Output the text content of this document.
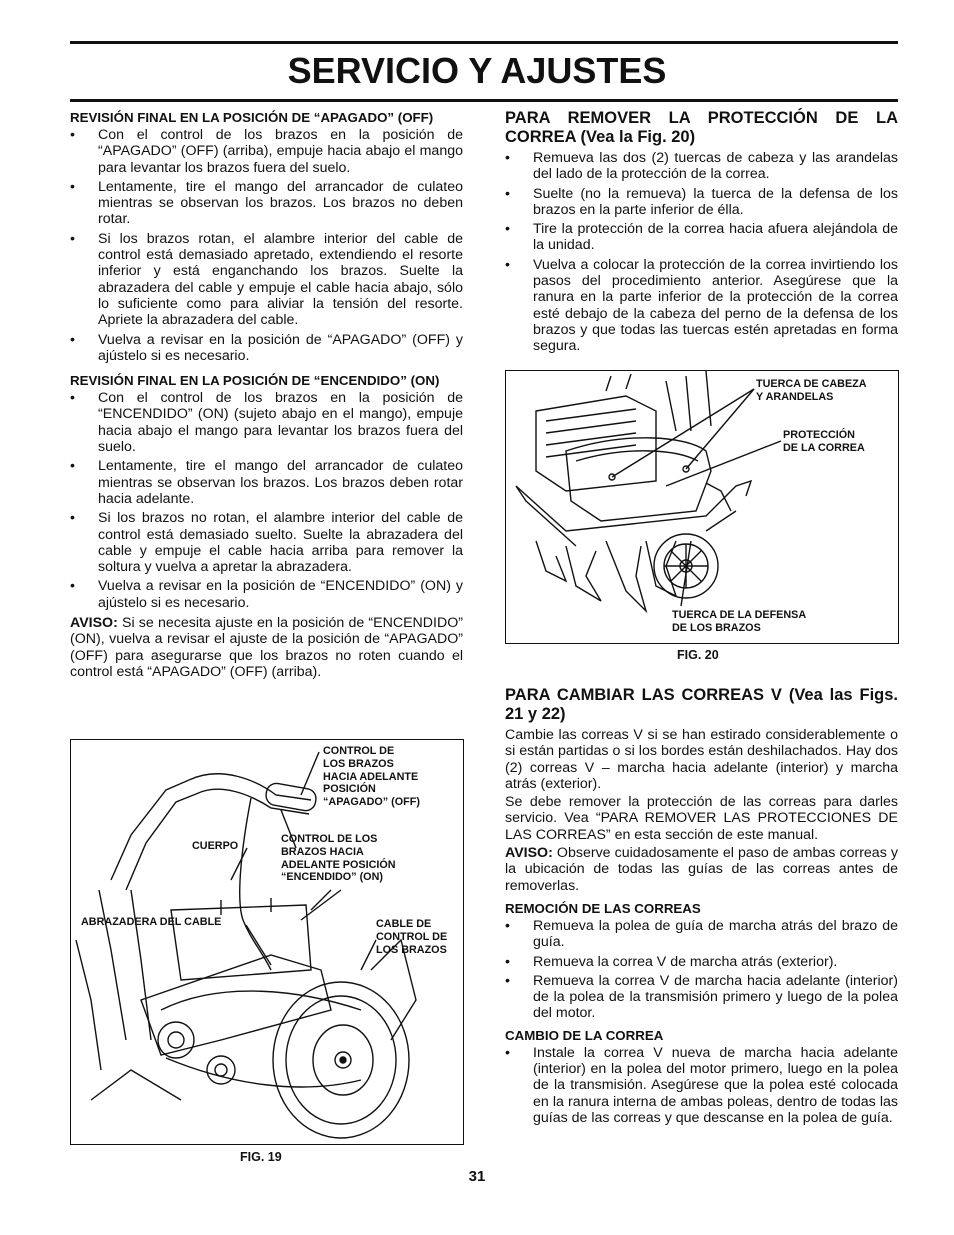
SERVICIO Y AJUSTES
REVISIÓN FINAL EN LA POSICIÓN DE “APAGADO” (OFF)
• Con el control de los brazos en la posición de “APAGADO” (OFF) (arriba), empuje hacia abajo el mango para levantar los brazos fuera del suelo.
• Lentamente, tire el mango del arrancador de culateo mientras se observan los brazos. Los brazos no deben rotar.
• Si los brazos rotan, el alambre interior del cable de control está demasiado apretado, extendiendo el resorte inferior y está enganchando los brazos. Suelte la abrazadera del cable y empuje el cable hacia abajo, sólo lo suficiente como para aliviar la tensión del resorte. Apriete la abrazadera del cable.
• Vuelva a revisar en la posición de “APAGADO” (OFF) y ajústelo si es necesario.
REVISIÓN FINAL EN LA POSICIÓN DE “ENCENDIDO” (ON)
• Con el control de los brazos en la posición de “ENCENDIDO” (ON) (sujeto abajo en el mango), empuje hacia abajo el mango para levantar los brazos fuera del suelo.
• Lentamente, tire el mango del arrancador de culateo mientras se observan los brazos. Los brazos deben rotar hacia adelante.
• Si los brazos no rotan, el alambre interior del cable de control está demasiado suelto. Suelte la abrazadera del cable y empuje el cable hacia arriba para remover la soltura y vuelva a apretar la abrazadera.
• Vuelva a revisar en la posición de “ENCENDIDO” (ON) y ajústelo si es necesario.

AVISO: Si se necesita ajuste en la posición de “ENCENDIDO” (ON), vuelva a revisar el ajuste de la posición de “APAGADO” (OFF) para asegurarse que los brazos no roten cuando el control está “APAGADO” (OFF) (arriba).

CONTROL DE
LOS BRAZOS
HACIA ADELANTE
POSICIÓN
“APAGADO” (OFF)
CUERPO
CONTROL DE LOS
BRAZOS HACIA
ADELANTE POSICIÓN
“ENCENDIDO” (ON)
ABRAZADERA DEL CABLE	CABLE DE
CONTROL DE
LOS BRAZOS
FIG. 19
PARA REMOVER LA PROTECCIÓN DE LA CORREA (Vea la Fig. 20)
• Remueva las dos (2) tuercas de cabeza y las arandelas del lado de la protección de la correa.
• Suelte (no la remueva) la tuerca de la defensa de los brazos en la parte inferior de élla.
• Tire la protección de la correa hacia afuera alejándola de la unidad.
• Vuelva a colocar la protección de la correa invirtiendo los pasos del procedimiento anterior. Asegúrese que la ranura en la parte inferior de la protección de la correa esté debajo de la cabeza del perno de la defensa de los brazos y que todas las tuercas estén apretadas en forma segura.
TUERCA DE CABEZA
Y ARANDELAS
PROTECCIÓN
DE LA CORREA
TUERCA DE LA DEFENSA
DE LOS BRAZOS
FIG. 20
PARA CAMBIAR LAS CORREAS V (Vea las Figs. 21 y 22)

Cambie las correas V si se han estirado considerablemente o si están partidas o si los bordes están deshilachados. Hay dos (2) correas V – marcha hacia adelante (interior) y marcha atrás (exterior).

Se debe remover la protección de las correas para darles servicio. Vea “PARA REMOVER LAS PROTECCIONES DE LAS CORREAS” en esta sección de este manual.

AVISO: Observe cuidadosamente el paso de ambas correas y la ubicación de todas las guías de las correas antes de removerlas.

REMOCIÓN DE LAS CORREAS
• Remueva la polea de guía de marcha atrás del brazo de guía.
• Remueva la correa V de marcha atrás (exterior).
• Remueva la correa V de marcha hacia adelante (interior) de la polea de la transmisión primero y luego de la polea del motor.
CAMBIO DE LA CORREA
• Instale la correa V nueva de marcha hacia adelante (interior) en la polea del motor primero, luego en la polea de la transmisión. Asegúrese que la polea esté colocada en la ranura interna de ambas poleas, dentro de todas las guías de las correas y que descanse en la polea de guía.
31
